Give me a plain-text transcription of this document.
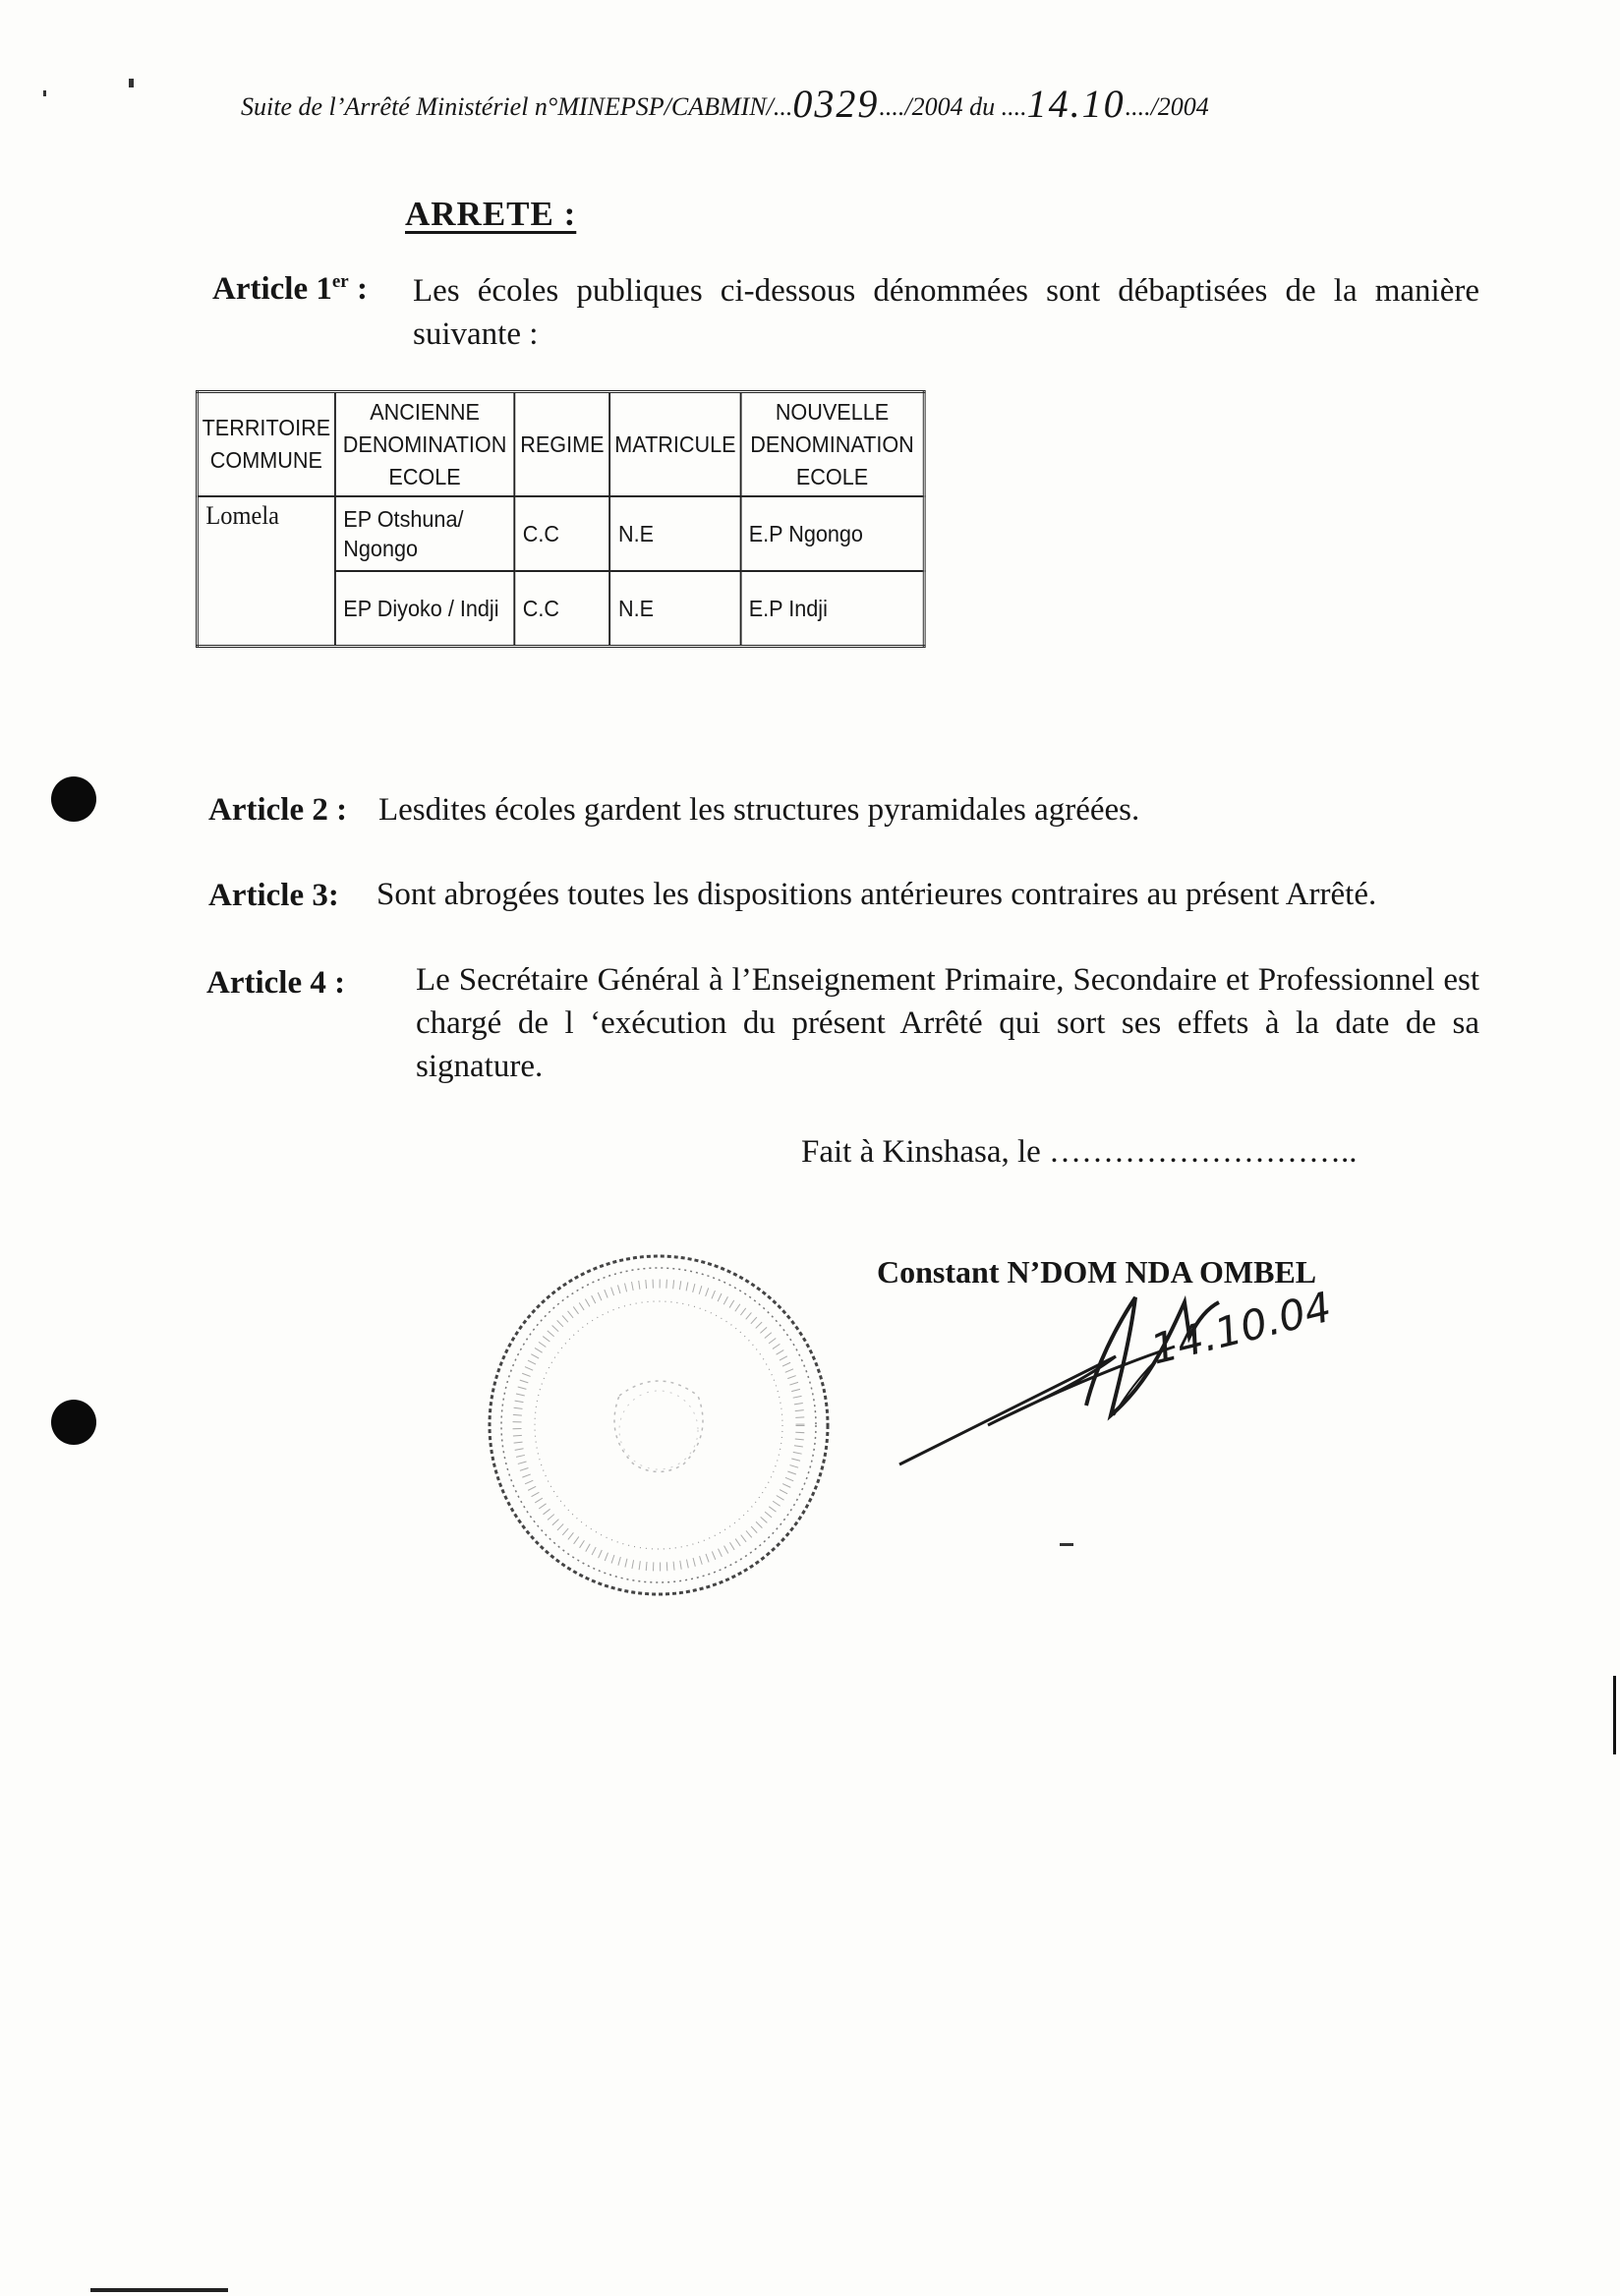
Suite de l’Arrêté Ministériel n°MINEPSP/CABMIN/...0329..../2004 du ....14.10..../2004
ARRETE :
Article 1er : Les écoles publiques ci-dessous dénommées sont débaptisées de la manière suivante :
TERRITOIRE COMMUNE	ANCIENNE DENOMINATION ECOLE	REGIME	MATRICULE	NOUVELLE DENOMINATION ECOLE
Lomela	EP Otshuna/ Ngongo	C.C	N.E	E.P Ngongo
	EP Diyoko / Indji	C.C	N.E	E.P Indji
Article 2 : Lesdites écoles gardent les structures pyramidales agréées.
Article 3: Sont abrogées toutes les dispositions antérieures contraires au présent Arrêté.
Article 4 : Le Secrétaire Général à l’Enseignement Primaire, Secondaire et Professionnel est chargé de l ‘exécution du présent Arrêté qui sort ses effets à la date de sa signature.
Fait à Kinshasa, le ………………………..
Constant N’DOM NDA OMBEL
14.10.04
